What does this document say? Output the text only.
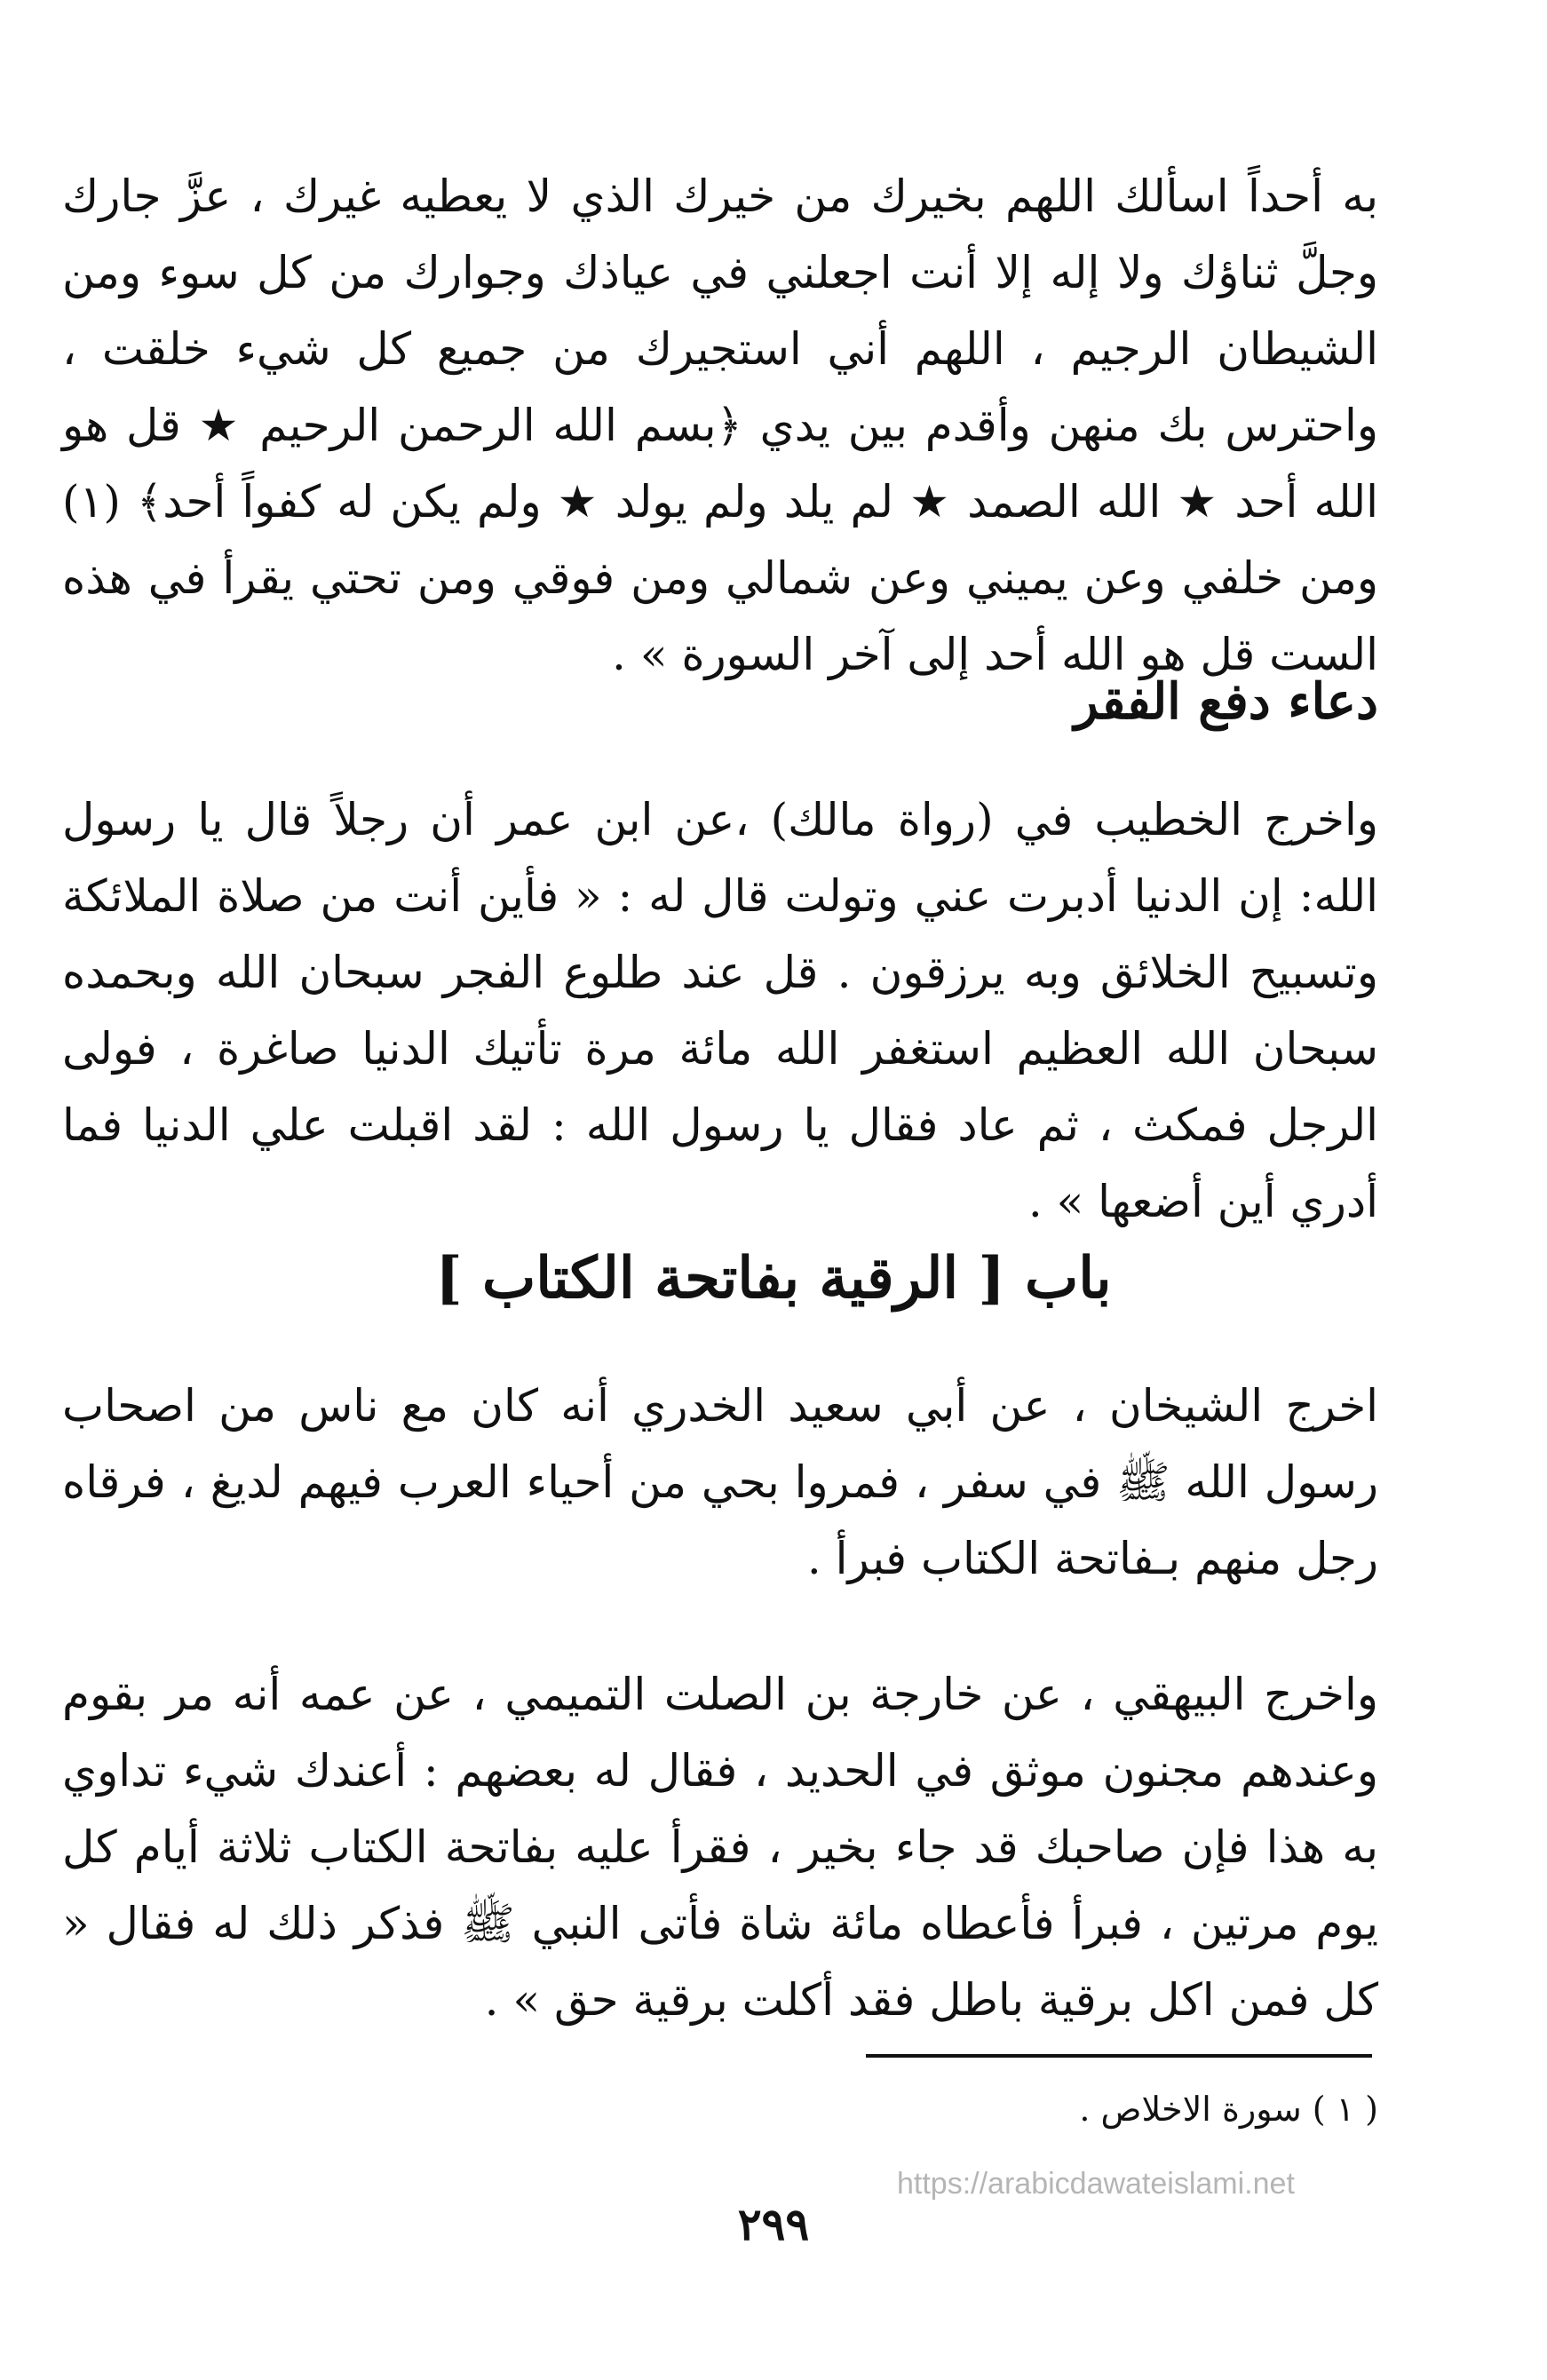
به أحداً اسألك اللهم بخيرك من خيرك الذي لا يعطيه غيرك ، عزَّ جارك وجلَّ ثناؤك ولا إله إلا أنت اجعلني في عياذك وجوارك من كل سوء ومن الشيطان الرجيم ، اللهم أني استجيرك من جميع كل شيء خلقت ، واحترس بك منهن وأقدم بين يدي ﴿بسم الله الرحمن الرحيم ★ قل هو الله أحد ★ الله الصمد ★ لم يلد ولم يولد ★ ولم يكن له كفواً أحد﴾ (١) ومن خلفي وعن يميني وعن شمالي ومن فوقي ومن تحتي يقرأ في هذه الست قل هو الله أحد إلى آخر السورة » .

دعاء دفع الفقر

واخرج الخطيب في (رواة مالك) ،عن ابن عمر أن رجلاً قال يا رسول الله: إن الدنيا أدبرت عني وتولت قال له : « فأين أنت من صلاة الملائكة وتسبيح الخلائق وبه يرزقون . قل عند طلوع الفجر سبحان الله وبحمده سبحان الله العظيم استغفر الله مائة مرة تأتيك الدنيا صاغرة ، فولى الرجل فمكث ، ثم عاد فقال يا رسول الله : لقد اقبلت علي الدنيا فما أدري أين أضعها » .

باب [ الرقية بفاتحة الكتاب ]

اخرج الشيخان ، عن أبي سعيد الخدري أنه كان مع ناس من اصحاب رسول الله ﷺ في سفر ، فمروا بحي من أحياء العرب فيهم لديغ ، فرقاه رجل منهم بـفاتحة الكتاب فبرأ .

واخرج البيهقي ، عن خارجة بن الصلت التميمي ، عن عمه أنه مر بقوم وعندهم مجنون موثق في الحديد ، فقال له بعضهم : أعندك شيء تداوي به هذا فإن صاحبك قد جاء بخير ، فقرأ عليه بفاتحة الكتاب ثلاثة أيام كل يوم مرتين ، فبرأ فأعطاه مائة شاة فأتى النبي ﷺ فذكر ذلك له فقال « كل فمن اكل برقية باطل فقد أكلت برقية حق » .

( ١ ) سورة الاخلاص .

https://arabicdawateislami.net
٢٩٩
